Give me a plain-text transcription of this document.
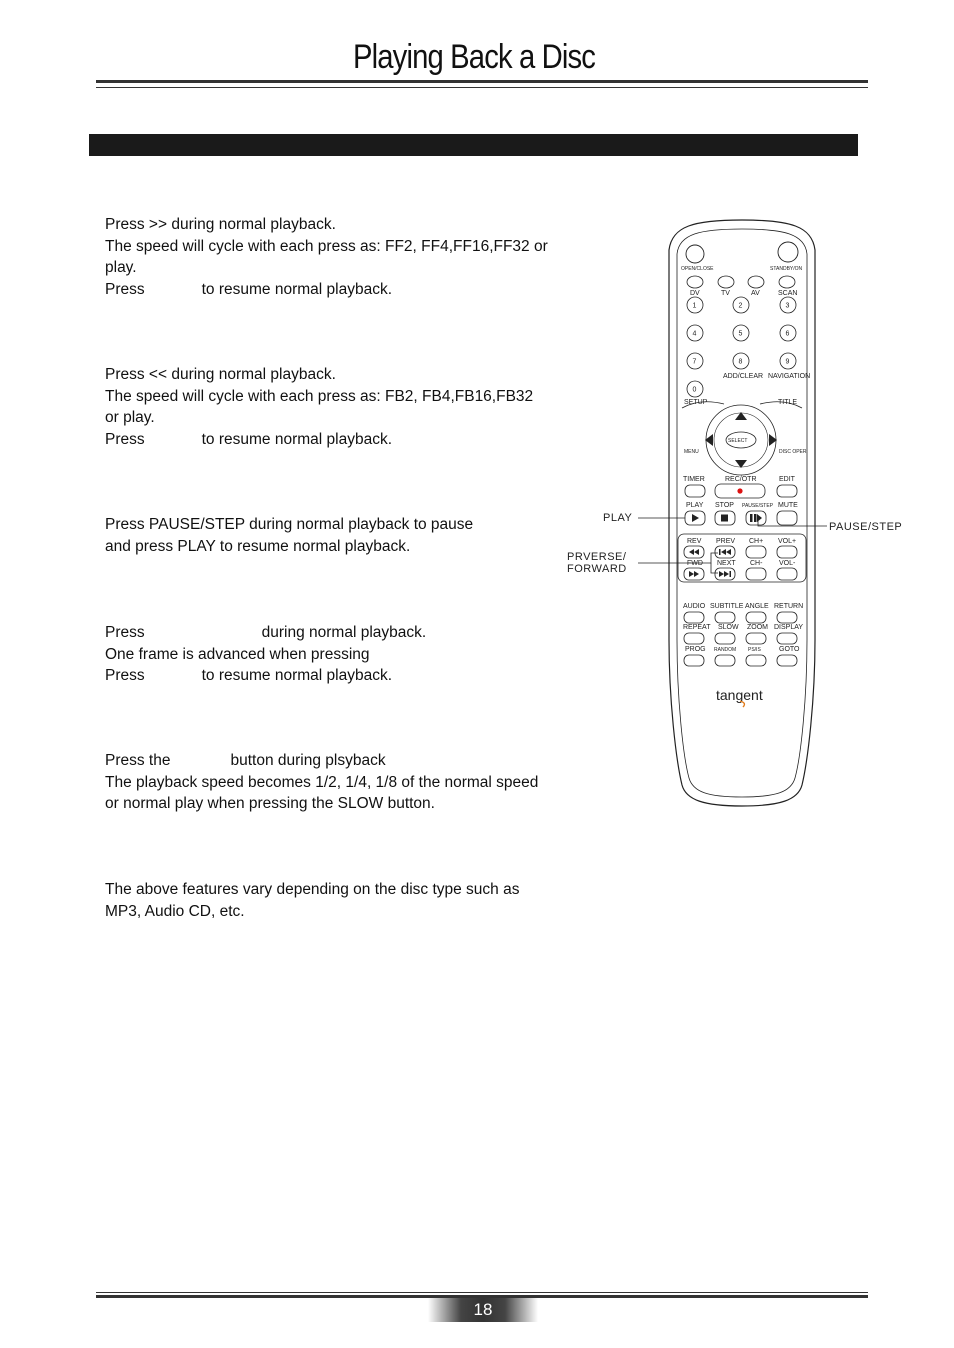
Playing Back a Disc

Press >> during normal playback.

The speed will cycle with each press as: FF2, FF4,FF16,FF32 or

play.

Press	to resume normal playback.

Press << during normal playback.

The speed will cycle with each press as: FB2, FB4,FB16,FB32

or play.

Press	to resume normal playback.

Press PAUSE/STEP during normal playback to pause

and press PLAY to resume normal playback.

Press	during normal playback.

One frame is advanced when pressing

Press	to resume normal playback.

Press the	button during plsyback

The playback speed becomes 1/2, 1/4, 1/8 of the normal speed

or normal play when pressing the SLOW button.

The above features vary depending on the disc type such as

MP3, Audio CD, etc.

OPEN/CLOSE	STANDBY/ON
DV	TV	AV	SCAN
1	2	3
4	5	6
7	8	9
0
ADD/CLEAR NAVIGATION
SETUP	TITLE
SELECT
MENU	DISC OPER
TIMER	REC/OTR	EDIT
PLAY STOP PAUSE/STEP MUTE
REV PREV CH+ VOL+
FWD NEXT CH- VOL-
AUDIO SUBTITLE ANGLE RETURN
REPEAT SLOW ZOOM DISPLAY
PROG RANDOM PS/IS	GOTO
tangent
PLAY
PAUSE/STEP
PRVERSE/
FORWARD
18
